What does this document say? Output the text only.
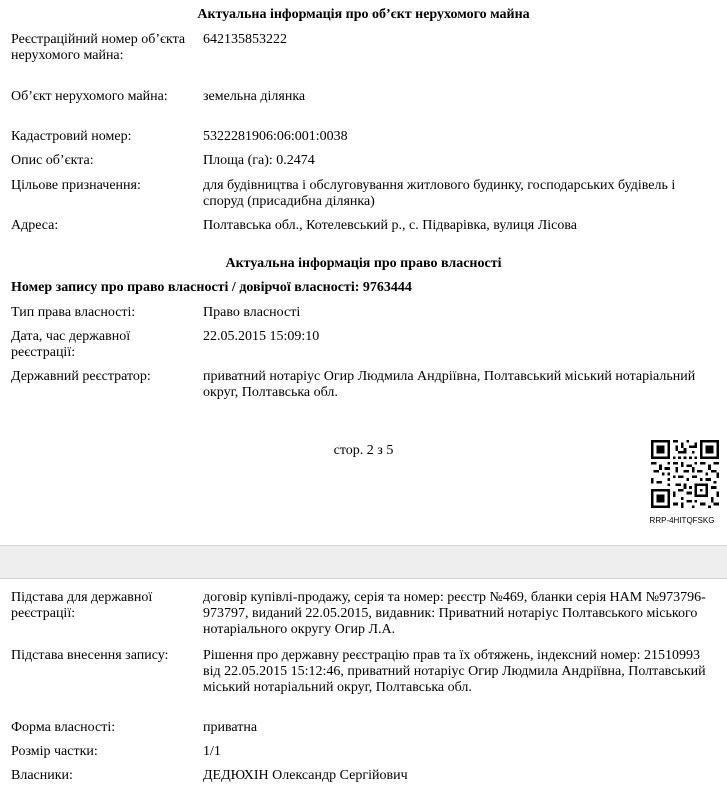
Актуальна інформація про об’єкт нерухомого майна
Реєстраційний номер об’єкта нерухомого майна:
642135853222
Об’єкт нерухомого майна:	земельна ділянка
Кадастровий номер:	5322281906:06:001:0038
Опис об’єкта:	Площа (га): 0.2474
Цільове призначення:	для будівництва і обслуговування житлового будинку, господарських будівель і споруд (присадибна ділянка)
Адреса:	Полтавська обл., Котелевський р., с. Підварівка, вулиця Лісова
Актуальна інформація про право власності
Номер запису про право власності / довірчої власності: 9763444
Тип права власності:	Право власності
Дата, час державної реєстрації:
22.05.2015 15:09:10
Державний реєстратор:	приватний нотаріус Огир Людмила Андріївна, Полтавський міський нотаріальний округ, Полтавська обл.
стор. 2 з 5
RRP-4HITQFSKG
Підстава для державної реєстрації:
договір купівлі-продажу, серія та номер: реєстр №469, бланки серія НАМ №973796-973797, виданий 22.05.2015, видавник: Приватний нотаріус Полтавського міського нотаріального округу Огир Л.А.
Підстава внесення запису:	Рішення про державну реєстрацію прав та їх обтяжень, індексний номер: 21510993 від 22.05.2015 15:12:46, приватний нотаріус Огир Людмила Андріївна, Полтавський міський нотаріальний округ, Полтавська обл.
Форма власності:	приватна
Розмір частки:	1/1
Власники:	ДЕДЮХІН Олександр Сергійович
